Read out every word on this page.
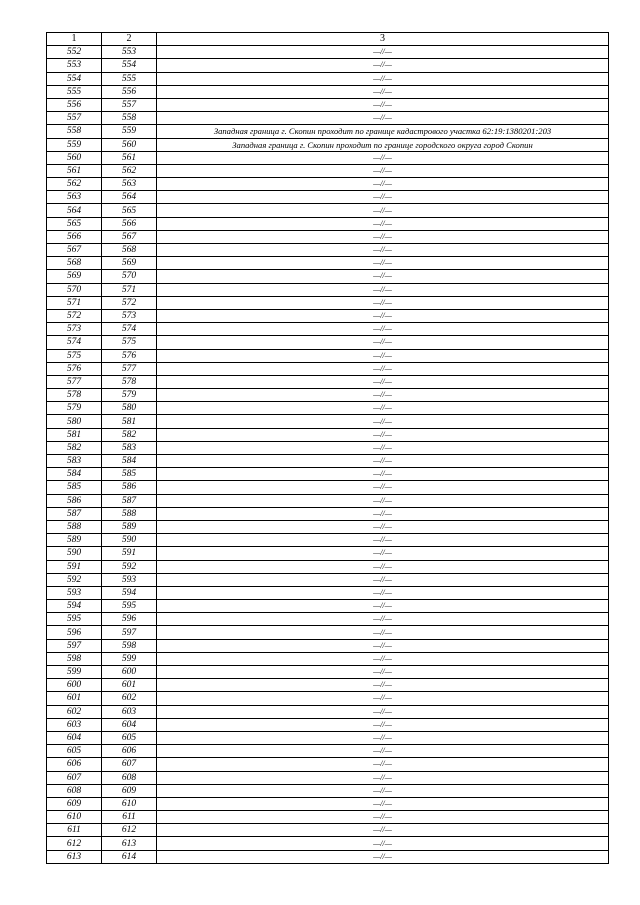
1	2	3
552	553	—//—
553	554	—//—
554	555	—//—
555	556	—//—
556	557	—//—
557	558	—//—
558	559	Западная граница г. Скопин проходит по границе кадастрового участка 62:19:1380201:203
559	560	Западная граница г. Скопин проходит по границе городского округа город Скопин
560	561	—//—
561	562	—//—
562	563	—//—
563	564	—//—
564	565	—//—
565	566	—//—
566	567	—//—
567	568	—//—
568	569	—//—
569	570	—//—
570	571	—//—
571	572	—//—
572	573	—//—
573	574	—//—
574	575	—//—
575	576	—//—
576	577	—//—
577	578	—//—
578	579	—//—
579	580	—//—
580	581	—//—
581	582	—//—
582	583	—//—
583	584	—//—
584	585	—//—
585	586	—//—
586	587	—//—
587	588	—//—
588	589	—//—
589	590	—//—
590	591	—//—
591	592	—//—
592	593	—//—
593	594	—//—
594	595	—//—
595	596	—//—
596	597	—//—
597	598	—//—
598	599	—//—
599	600	—//—
600	601	—//—
601	602	—//—
602	603	—//—
603	604	—//—
604	605	—//—
605	606	—//—
606	607	—//—
607	608	—//—
608	609	—//—
609	610	—//—
610	611	—//—
611	612	—//—
612	613	—//—
613	614	—//—
